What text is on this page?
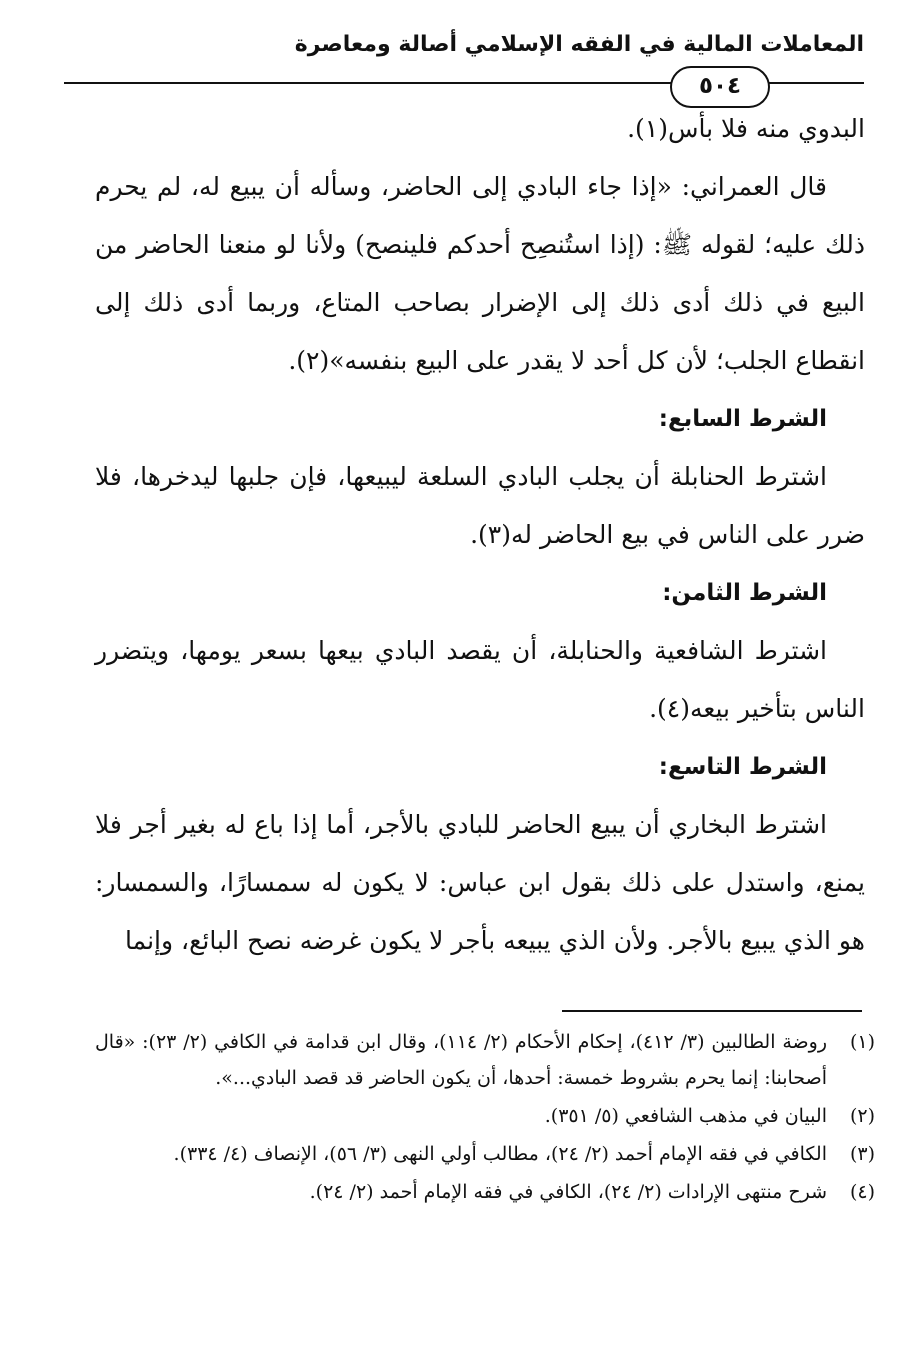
المعاملات المالية في الفقه الإسلامي أصالة ومعاصرة
٥٠٤

البدوي منه فلا بأس(١).

قال العمراني: «إذا جاء البادي إلى الحاضر، وسأله أن يبيع له، لم يحرم ذلك عليه؛ لقوله ﷺ: (إذا استُنصِح أحدكم فلينصح) ولأنا لو منعنا الحاضر من البيع في ذلك أدى ذلك إلى الإضرار بصاحب المتاع، وربما أدى ذلك إلى انقطاع الجلب؛ لأن كل أحد لا يقدر على البيع بنفسه»(٢).

الشرط السابع:

اشترط الحنابلة أن يجلب البادي السلعة ليبيعها، فإن جلبها ليدخرها، فلا ضرر على الناس في بيع الحاضر له(٣).

الشرط الثامن:

اشترط الشافعية والحنابلة، أن يقصد البادي بيعها بسعر يومها، ويتضرر الناس بتأخير بيعه(٤).

الشرط التاسع:

اشترط البخاري أن يبيع الحاضر للبادي بالأجر، أما إذا باع له بغير أجر فلا يمنع، واستدل على ذلك بقول ابن عباس: لا يكون له سمسارًا، والسمسار: هو الذي يبيع بالأجر. ولأن الذي يبيعه بأجر لا يكون غرضه نصح البائع، وإنما

(١)
روضة الطالبين (٣/ ٤١٢)، إحكام الأحكام (٢/ ١١٤)، وقال ابن قدامة في الكافي (٢/ ٢٣): «قال أصحابنا: إنما يحرم بشروط خمسة: أحدها، أن يكون الحاضر قد قصد البادي...».
(٢)
البيان في مذهب الشافعي (٥/ ٣٥١).
(٣)
الكافي في فقه الإمام أحمد (٢/ ٢٤)، مطالب أولي النهى (٣/ ٥٦)، الإنصاف (٤/ ٣٣٤).
(٤)
شرح منتهى الإرادات (٢/ ٢٤)، الكافي في فقه الإمام أحمد (٢/ ٢٤).
